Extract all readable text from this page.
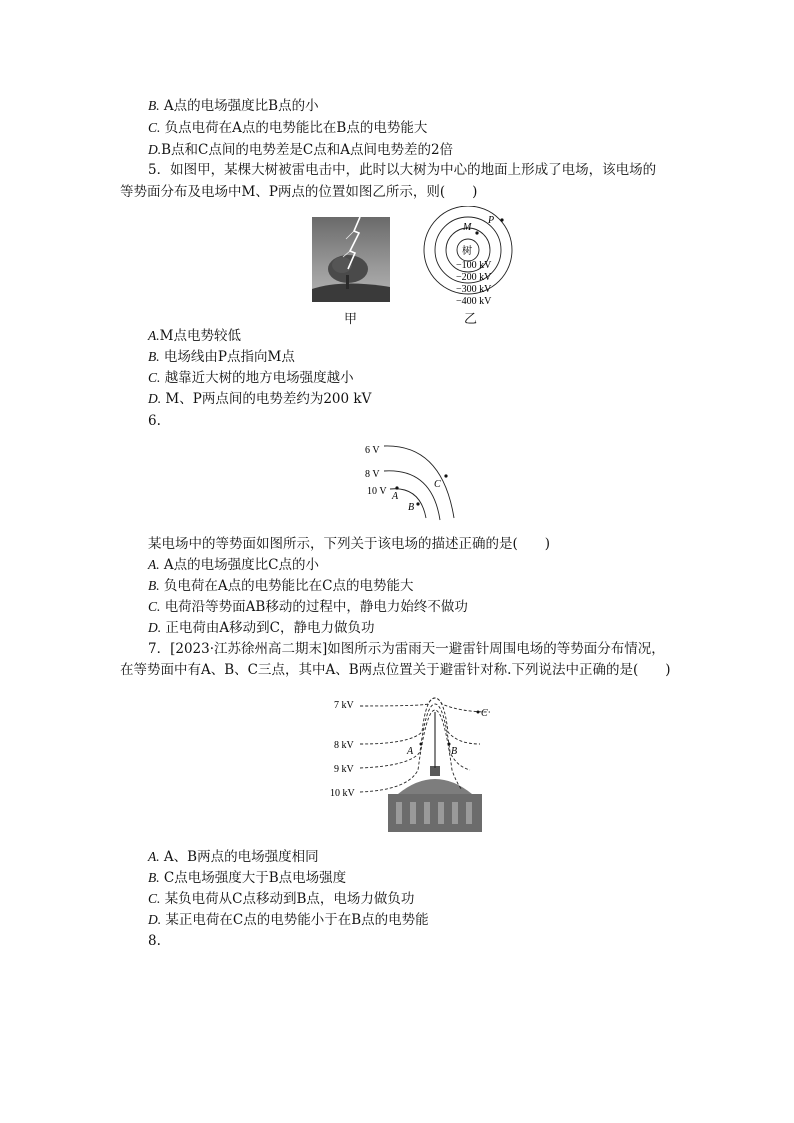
B. A点的电场强度比B点的小
C. 负点电荷在A点的电势能比在B点的电势能大
D.B点和C点间的电势差是C点和A点间电势差的2倍
5．如图甲，某棵大树被雷电击中，此时以大树为中心的地面上形成了电场，该电场的
等势面分布及电场中M、P两点的位置如图乙所示，则(　　)
甲
树
M
P
−100 kV
−200 kV
−300 kV
−400 kV
乙
A.M点电势较低
B. 电场线由P点指向M点
C. 越靠近大树的地方电场强度越小
D. M、P两点间的电势差约为200 kV
6.
6 V
8 V
10 V A
B
C
某电场中的等势面如图所示，下列关于该电场的描述正确的是(　　)
A. A点的电场强度比C点的小
B. 负电荷在A点的电势能比在C点的电势能大
C. 电荷沿等势面AB移动的过程中，静电力始终不做功
D. 正电荷由A移动到C，静电力做负功
7．[2023·江苏徐州高二期末]如图所示为雷雨天一避雷针周围电场的等势面分布情况，
在等势面中有A、B、C三点，其中A、B两点位置关于避雷针对称.下列说法中正确的是(　　)
7 kV
8 kV
9 kV
10 kV
A	B
C
A. A、B两点的电场强度相同
B. C点电场强度大于B点电场强度
C. 某负电荷从C点移动到B点，电场力做负功
D. 某正电荷在C点的电势能小于在B点的电势能
8.
